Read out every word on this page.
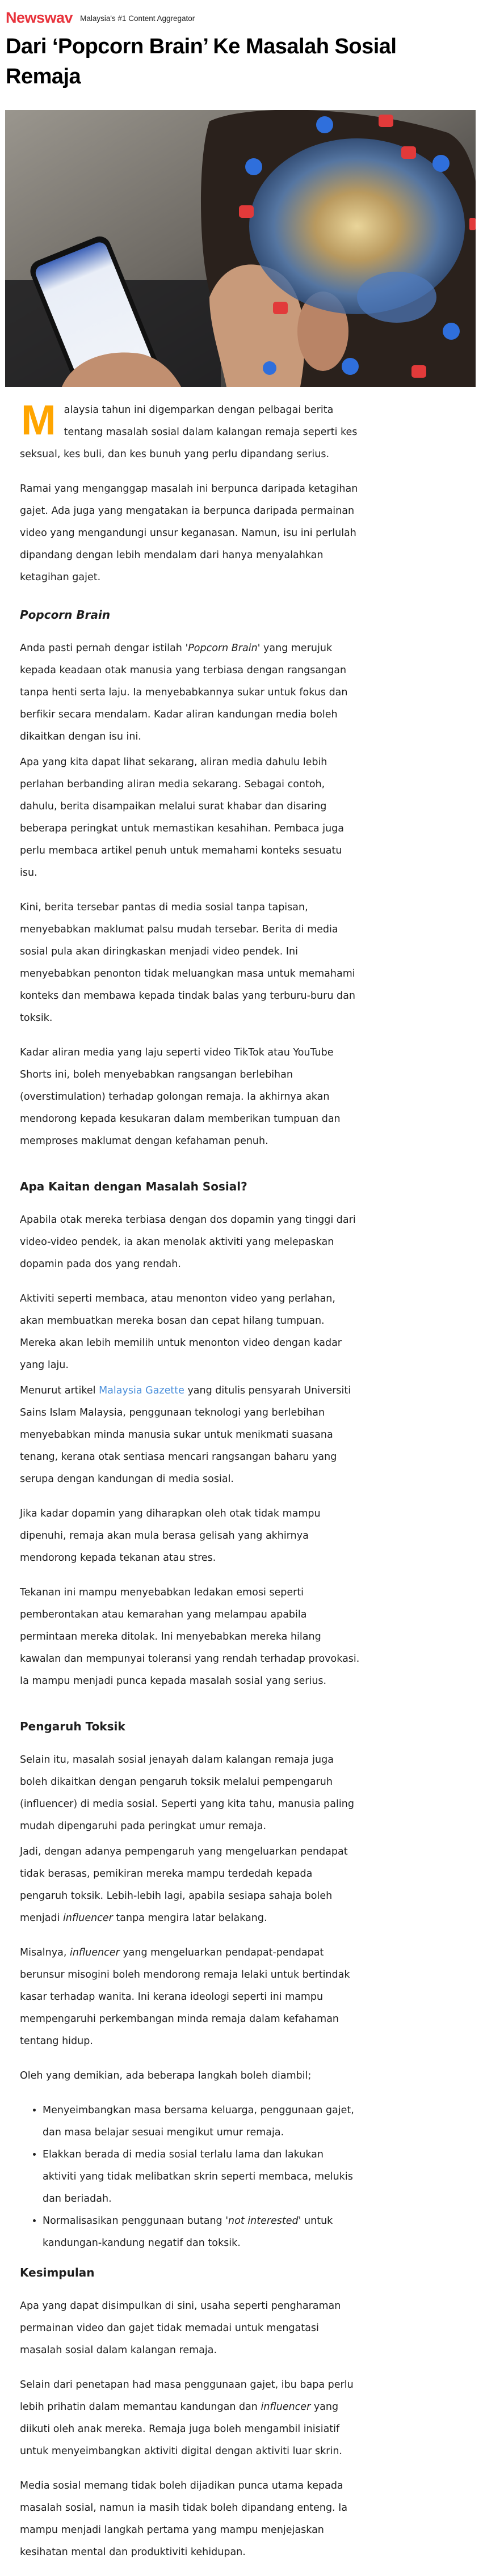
Newswav Malaysia's #1 Content Aggregator
Dari ‘Popcorn Brain’ Ke Masalah Sosial Remaja

Malaysia tahun ini digemparkan dengan pelbagai berita tentang masalah sosial dalam kalangan remaja seperti kes seksual, kes buli, dan kes bunuh yang perlu dipandang serius.

Ramai yang menganggap masalah ini berpunca daripada ketagihan gajet. Ada juga yang mengatakan ia berpunca daripada permainan video yang mengandungi unsur keganasan. Namun, isu ini perlulah dipandang dengan lebih mendalam dari hanya menyalahkan ketagihan gajet.

Popcorn Brain

Anda pasti pernah dengar istilah 'Popcorn Brain' yang merujuk kepada keadaan otak manusia yang terbiasa dengan rangsangan tanpa henti serta laju. Ia menyebabkannya sukar untuk fokus dan berfikir secara mendalam. Kadar aliran kandungan media boleh dikaitkan dengan isu ini.

Apa yang kita dapat lihat sekarang, aliran media dahulu lebih perlahan berbanding aliran media sekarang. Sebagai contoh, dahulu, berita disampaikan melalui surat khabar dan disaring beberapa peringkat untuk memastikan kesahihan. Pembaca juga perlu membaca artikel penuh untuk memahami konteks sesuatu isu.

Kini, berita tersebar pantas di media sosial tanpa tapisan, menyebabkan maklumat palsu mudah tersebar. Berita di media sosial pula akan diringkaskan menjadi video pendek. Ini menyebabkan penonton tidak meluangkan masa untuk memahami konteks dan membawa kepada tindak balas yang terburu-buru dan toksik.

Kadar aliran media yang laju seperti video TikTok atau YouTube Shorts ini, boleh menyebabkan rangsangan berlebihan (overstimulation) terhadap golongan remaja. Ia akhirnya akan mendorong kepada kesukaran dalam memberikan tumpuan dan memproses maklumat dengan kefahaman penuh.

Apa Kaitan dengan Masalah Sosial?

Apabila otak mereka terbiasa dengan dos dopamin yang tinggi dari video-video pendek, ia akan menolak aktiviti yang melepaskan dopamin pada dos yang rendah.

Aktiviti seperti membaca, atau menonton video yang perlahan, akan membuatkan mereka bosan dan cepat hilang tumpuan. Mereka akan lebih memilih untuk menonton video dengan kadar yang laju.

Menurut artikel Malaysia Gazette yang ditulis pensyarah Universiti Sains Islam Malaysia, penggunaan teknologi yang berlebihan menyebabkan minda manusia sukar untuk menikmati suasana tenang, kerana otak sentiasa mencari rangsangan baharu yang serupa dengan kandungan di media sosial.

Jika kadar dopamin yang diharapkan oleh otak tidak mampu dipenuhi, remaja akan mula berasa gelisah yang akhirnya mendorong kepada tekanan atau stres.

Tekanan ini mampu menyebabkan ledakan emosi seperti pemberontakan atau kemarahan yang melampau apabila permintaan mereka ditolak. Ini menyebabkan mereka hilang kawalan dan mempunyai toleransi yang rendah terhadap provokasi. Ia mampu menjadi punca kepada masalah sosial yang serius.

Pengaruh Toksik

Selain itu, masalah sosial jenayah dalam kalangan remaja juga boleh dikaitkan dengan pengaruh toksik melalui pempengaruh (influencer) di media sosial. Seperti yang kita tahu, manusia paling mudah dipengaruhi pada peringkat umur remaja.

Jadi, dengan adanya pempengaruh yang mengeluarkan pendapat tidak berasas, pemikiran mereka mampu terdedah kepada pengaruh toksik. Lebih-lebih lagi, apabila sesiapa sahaja boleh menjadi influencer tanpa mengira latar belakang.

Misalnya, influencer yang mengeluarkan pendapat-pendapat berunsur misogini boleh mendorong remaja lelaki untuk bertindak kasar terhadap wanita. Ini kerana ideologi seperti ini mampu mempengaruhi perkembangan minda remaja dalam kefahaman tentang hidup.

Oleh yang demikian, ada beberapa langkah boleh diambil;

• Menyeimbangkan masa bersama keluarga, penggunaan gajet, dan masa belajar sesuai mengikut umur remaja.
• Elakkan berada di media sosial terlalu lama dan lakukan aktiviti yang tidak melibatkan skrin seperti membaca, melukis dan beriadah.
• Normalisasikan penggunaan butang 'not interested' untuk kandungan-kandung negatif dan toksik.
Kesimpulan

Apa yang dapat disimpulkan di sini, usaha seperti pengharaman permainan video dan gajet tidak memadai untuk mengatasi masalah sosial dalam kalangan remaja.

Selain dari penetapan had masa penggunaan gajet, ibu bapa perlu lebih prihatin dalam memantau kandungan dan influencer yang diikuti oleh anak mereka. Remaja juga boleh mengambil inisiatif untuk menyeimbangkan aktiviti digital dengan aktiviti luar skrin.

Media sosial memang tidak boleh dijadikan punca utama kepada masalah sosial, namun ia masih tidak boleh dipandang enteng. Ia mampu menjadi langkah pertama yang mampu menjejaskan kesihatan mental dan produktiviti kehidupan.
